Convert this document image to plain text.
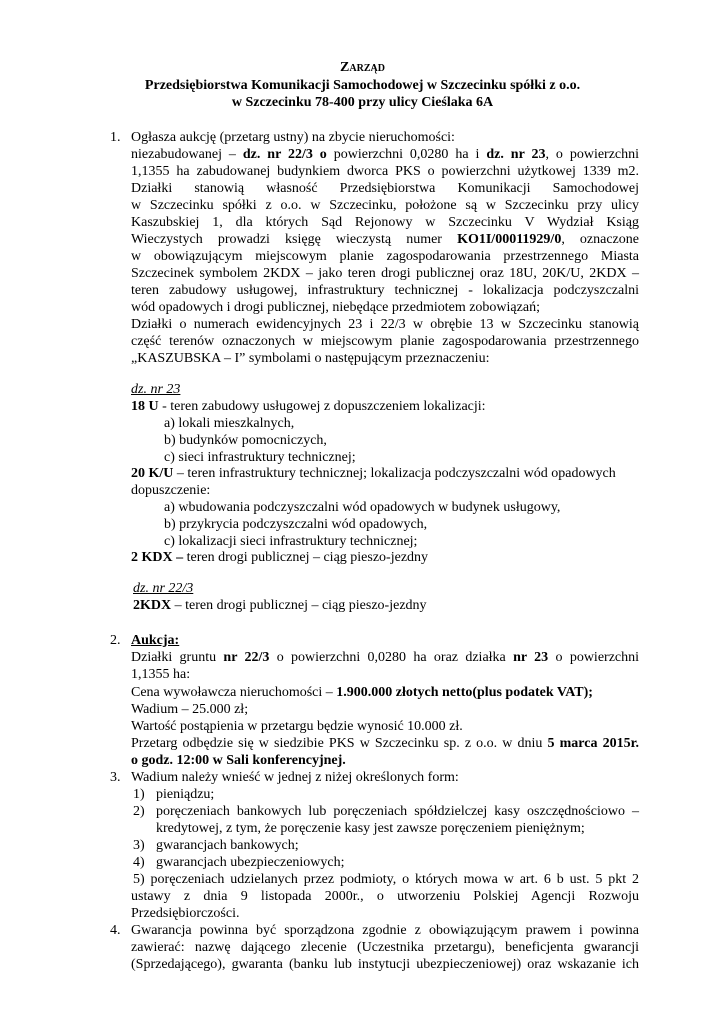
Zarząd
Przedsiębiorstwa Komunikacji Samochodowej w Szczecinku spółki z o.o.
w Szczecinku 78-400 przy ulicy Cieślaka 6A
1. Ogłasza aukcję (przetarg ustny) na zbycie nieruchomości:
niezabudowanej – dz. nr 22/3 o powierzchni 0,0280 ha i dz. nr 23, o powierzchni
1,1355 ha zabudowanej budynkiem dworca PKS o powierzchni użytkowej 1339 m2.
Działki stanowią własność Przedsiębiorstwa Komunikacji Samochodowej
w Szczecinku spółki z o.o. w Szczecinku, położone są w Szczecinku przy ulicy
Kaszubskiej 1, dla których Sąd Rejonowy w Szczecinku V Wydział Ksiąg
Wieczystych prowadzi księgę wieczystą numer KO1I/00011929/0, oznaczone
w obowiązującym miejscowym planie zagospodarowania przestrzennego Miasta
Szczecinek symbolem 2KDX – jako teren drogi publicznej oraz 18U, 20K/U, 2KDX –
teren zabudowy usługowej, infrastruktury technicznej - lokalizacja podczyszczalni
wód opadowych i drogi publicznej, niebędące przedmiotem zobowiązań;
Działki o numerach ewidencyjnych 23 i 22/3 w obrębie 13 w Szczecinku stanowią
część terenów oznaczonych w miejscowym planie zagospodarowania przestrzennego
„KASZUBSKA – I” symbolami o następującym przeznaczeniu:
dz. nr 23
18 U - teren zabudowy usługowej z dopuszczeniem lokalizacji:
a) lokali mieszkalnych,
b) budynków pomocniczych,
c) sieci infrastruktury technicznej;
20 K/U – teren infrastruktury technicznej; lokalizacja podczyszczalni wód opadowych
dopuszczenie:
a) wbudowania podczyszczalni wód opadowych w budynek usługowy,
b) przykrycia podczyszczalni wód opadowych,
c) lokalizacji sieci infrastruktury technicznej;
2 KDX – teren drogi publicznej – ciąg pieszo-jezdny
dz. nr 22/3
2KDX – teren drogi publicznej – ciąg pieszo-jezdny
2. Aukcja:
Działki gruntu nr 22/3 o powierzchni 0,0280 ha oraz działka nr 23 o powierzchni
1,1355 ha:
Cena wywoławcza nieruchomości – 1.900.000 złotych netto(plus podatek VAT);
Wadium – 25.000 zł;
Wartość postąpienia w przetargu będzie wynosić 10.000 zł.
Przetarg odbędzie się w siedzibie PKS w Szczecinku sp. z o.o. w dniu 5 marca 2015r.
o godz. 12:00 w Sali konferencyjnej.
3. Wadium należy wnieść w jednej z niżej określonych form:
1) pieniądzu;
2) poręczeniach bankowych lub poręczeniach spółdzielczej kasy oszczędnościowo –
kredytowej, z tym, że poręczenie kasy jest zawsze poręczeniem pieniężnym;
3) gwarancjach bankowych;
4) gwarancjach ubezpieczeniowych;
5) poręczeniach udzielanych przez podmioty, o których mowa w art. 6 b ust. 5 pkt 2
ustawy z dnia 9 listopada 2000r., o utworzeniu Polskiej Agencji Rozwoju
Przedsiębiorczości.
4. Gwarancja powinna być sporządzona zgodnie z obowiązującym prawem i powinna
zawierać: nazwę dającego zlecenie (Uczestnika przetargu), beneficjenta gwarancji
(Sprzedającego), gwaranta (banku lub instytucji ubezpieczeniowej) oraz wskazanie ich
